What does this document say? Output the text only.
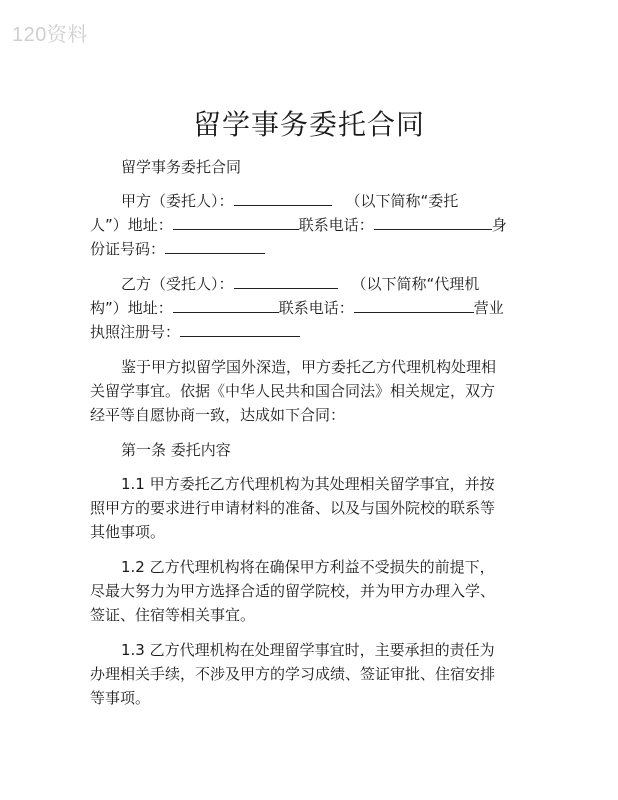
120资料
留学事务委托合同
留学事务委托合同
甲方（委托人）：	（以下简称“委托
人”）地址：	联系电话：	身
份证号码：
乙方（受托人）：	（以下简称“代理机
构”）地址：	联系电话：	营业
执照注册号：
鉴于甲方拟留学国外深造，甲方委托乙方代理机构处理相
关留学事宜。依据《中华人民共和国合同法》相关规定，双方
经平等自愿协商一致，达成如下合同：
第一条 委托内容
1.1 甲方委托乙方代理机构为其处理相关留学事宜，并按
照甲方的要求进行申请材料的准备、以及与国外院校的联系等
其他事项。
1.2 乙方代理机构将在确保甲方利益不受损失的前提下，
尽最大努力为甲方选择合适的留学院校，并为甲方办理入学、
签证、住宿等相关事宜。
1.3 乙方代理机构在处理留学事宜时，主要承担的责任为
办理相关手续，不涉及甲方的学习成绩、签证审批、住宿安排
等事项。
